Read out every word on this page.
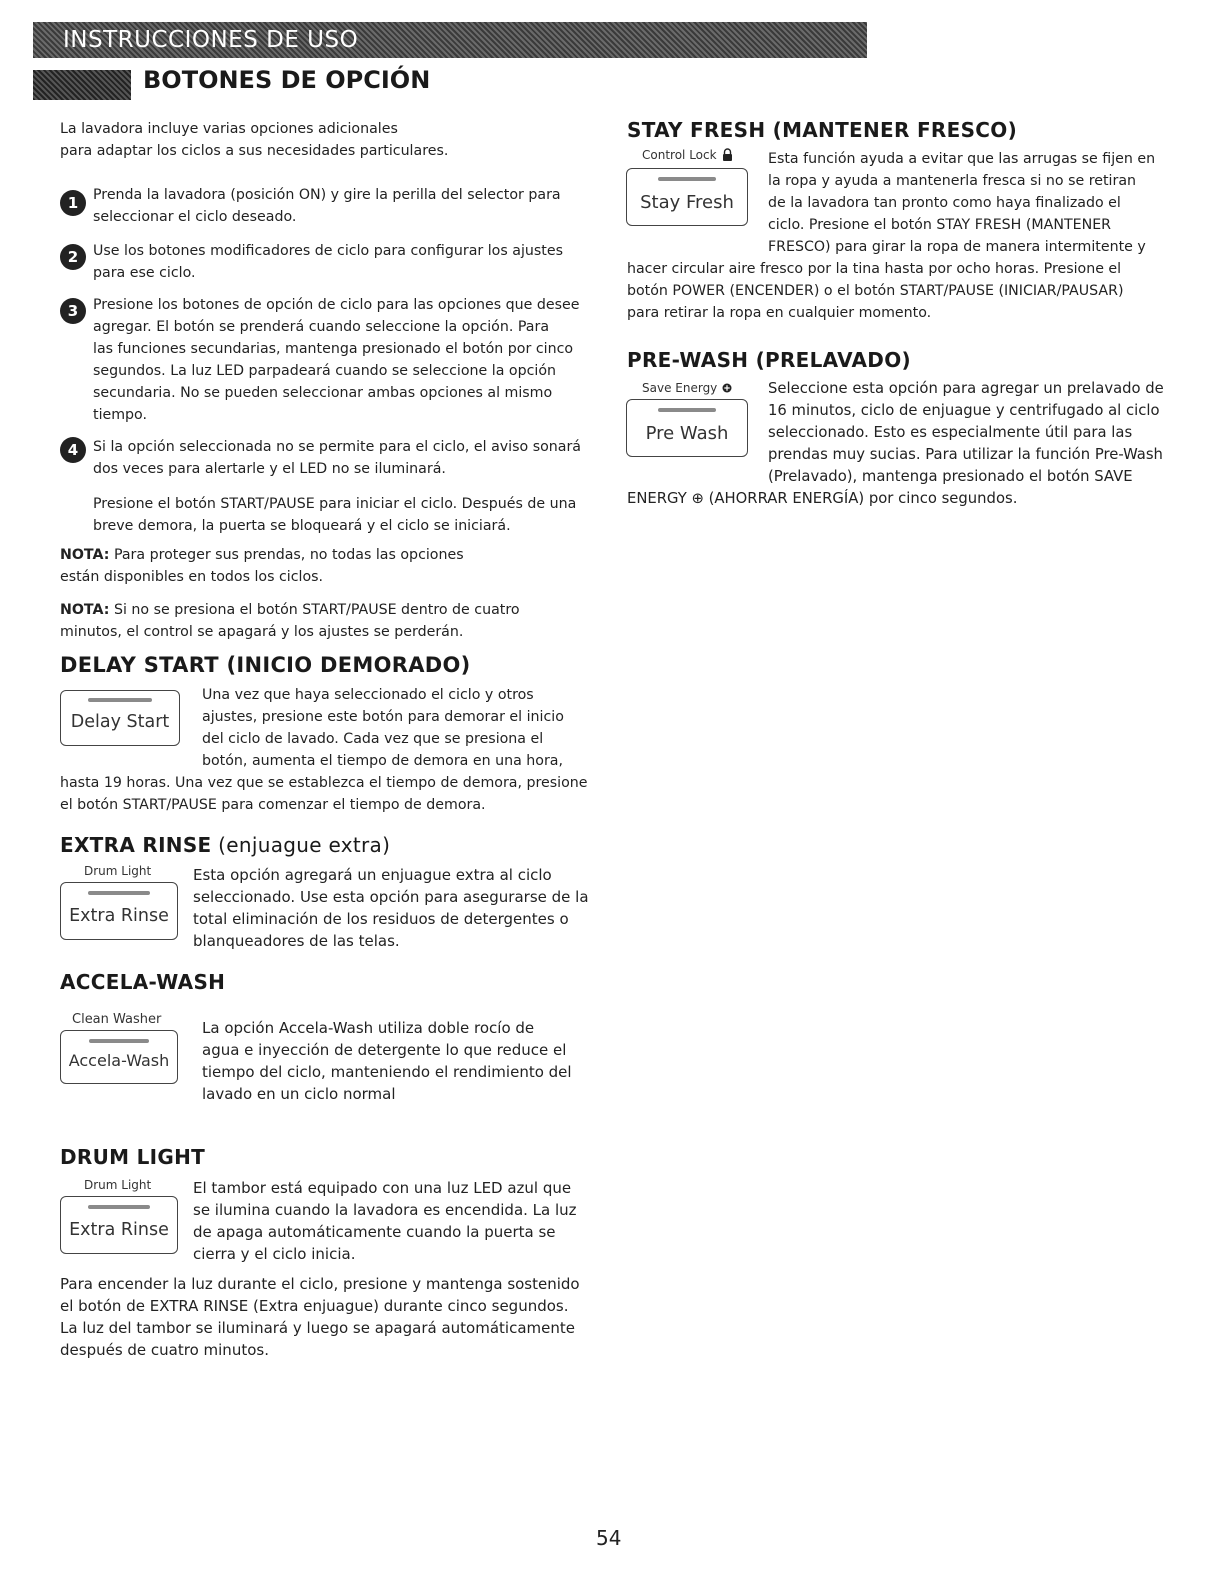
INSTRUCCIONES DE USO
BOTONES DE OPCIÓN
La lavadora incluye varias opciones adicionales
para adaptar los ciclos a sus necesidades particulares.
1	Prenda la lavadora (posición ON) y gire la perilla del selector para
seleccionar el ciclo deseado.
2	Use los botones modificadores de ciclo para configurar los ajustes
para ese ciclo.
3	Presione los botones de opción de ciclo para las opciones que desee
agregar. El botón se prenderá cuando seleccione la opción. Para
las funciones secundarias, mantenga presionado el botón por cinco
segundos. La luz LED parpadeará cuando se seleccione la opción
secundaria. No se pueden seleccionar ambas opciones al mismo
tiempo.
4	Si la opción seleccionada no se permite para el ciclo, el aviso sonará
dos veces para alertarle y el LED no se iluminará.
Presione el botón START/PAUSE para iniciar el ciclo. Después de una
breve demora, la puerta se bloqueará y el ciclo se iniciará.
NOTA: Para proteger sus prendas, no todas las opciones
están disponibles en todos los ciclos.
NOTA: Si no se presiona el botón START/PAUSE dentro de cuatro
minutos, el control se apagará y los ajustes se perderán.
DELAY START (INICIO DEMORADO)
Delay Start
Una vez que haya seleccionado el ciclo y otros
ajustes, presione este botón para demorar el inicio
del ciclo de lavado. Cada vez que se presiona el
botón, aumenta el tiempo de demora en una hora,
hasta 19 horas. Una vez que se establezca el tiempo de demora, presione
el botón START/PAUSE para comenzar el tiempo de demora.
EXTRA RINSE (enjuague extra)
Drum Light
Extra Rinse
Esta opción agregará un enjuague extra al ciclo
seleccionado. Use esta opción para asegurarse de la
total eliminación de los residuos de detergentes o
blanqueadores de las telas.
ACCELA-WASH
Clean Washer
Accela-Wash
La opción Accela-Wash utiliza doble rocío de
agua e inyección de detergente lo que reduce el
tiempo del ciclo, manteniendo el rendimiento del
lavado en un ciclo normal
DRUM LIGHT
Drum Light
Extra Rinse
El tambor está equipado con una luz LED azul que
se ilumina cuando la lavadora es encendida. La luz
de apaga automáticamente cuando la puerta se
cierra y el ciclo inicia.
Para encender la luz durante el ciclo, presione y mantenga sostenido
el botón de EXTRA RINSE (Extra enjuague) durante cinco segundos.
La luz del tambor se iluminará y luego se apagará automáticamente
después de cuatro minutos.
STAY FRESH (MANTENER FRESCO)
Control Lock
Stay Fresh
Esta función ayuda a evitar que las arrugas se fijen en
la ropa y ayuda a mantenerla fresca si no se retiran
de la lavadora tan pronto como haya finalizado el
ciclo. Presione el botón STAY FRESH (MANTENER
FRESCO) para girar la ropa de manera intermitente y
hacer circular aire fresco por la tina hasta por ocho horas. Presione el
botón POWER (ENCENDER) o el botón START/PAUSE (INICIAR/PAUSAR)
para retirar la ropa en cualquier momento.
PRE-WASH (PRELAVADO)
Save Energy
Pre Wash
Seleccione esta opción para agregar un prelavado de
16 minutos, ciclo de enjuague y centrifugado al ciclo
seleccionado. Esto es especialmente útil para las
prendas muy sucias. Para utilizar la función Pre-Wash
(Prelavado), mantenga presionado el botón SAVE
ENERGY ⊕ (AHORRAR ENERGÍA) por cinco segundos.
54
